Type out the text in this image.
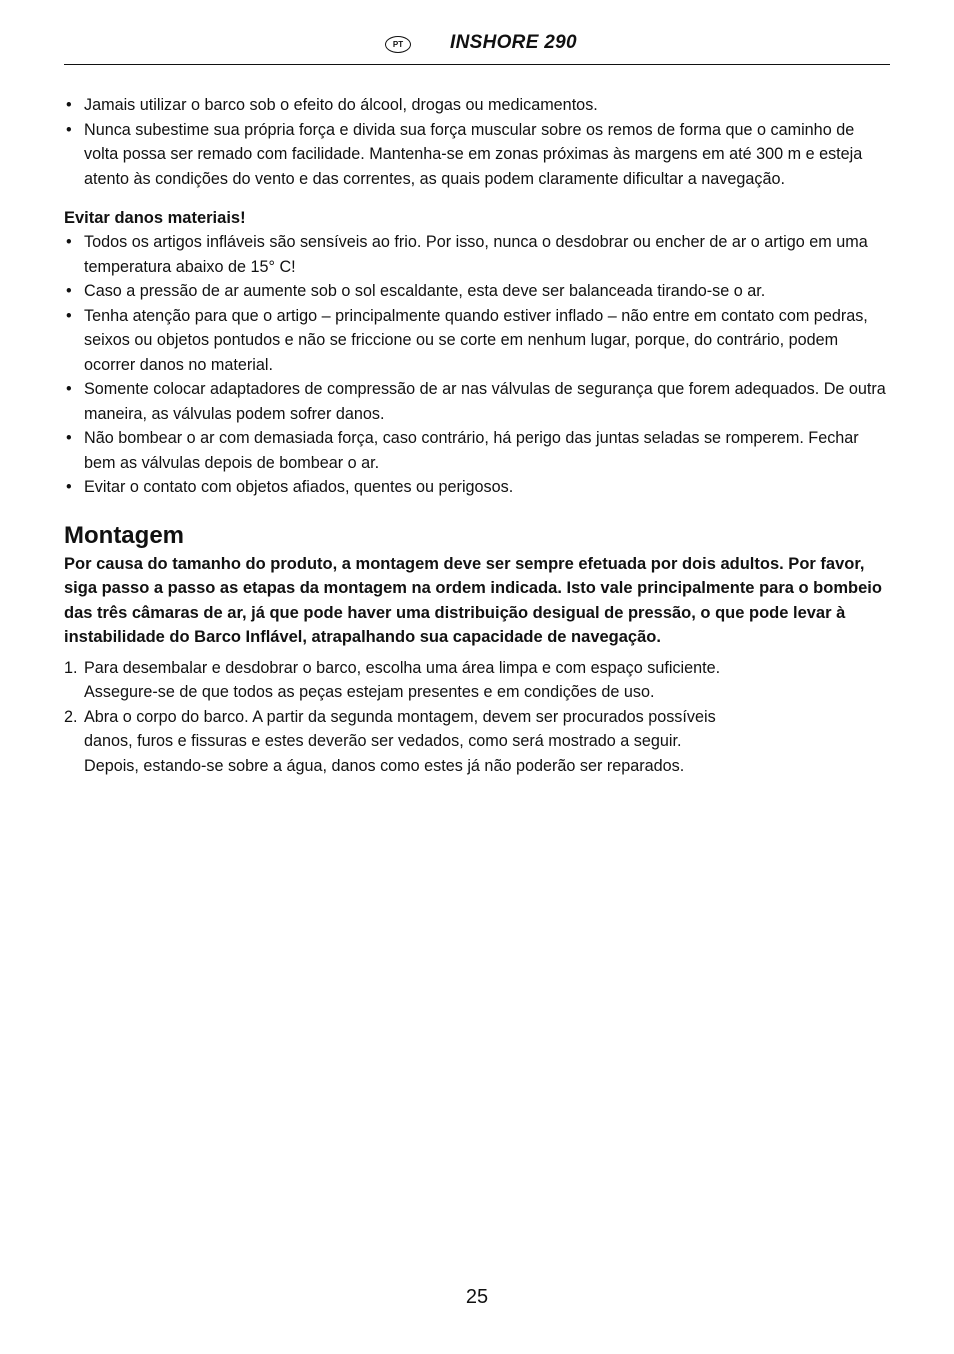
PT	INSHORE 290
• Jamais utilizar o barco sob o efeito do álcool, drogas ou medicamentos.
• Nunca subestime sua própria força e divida sua força muscular sobre os remos de forma que o caminho de volta possa ser remado com facilidade. Mantenha-se em zonas próximas às margens em até 300 m e esteja atento às condições do vento e das correntes, as quais podem claramente dificultar a navegação.
Evitar danos materiais!
• Todos os artigos infláveis são sensíveis ao frio. Por isso, nunca o desdobrar ou encher de ar o artigo em uma temperatura abaixo de 15° C!
• Caso a pressão de ar aumente sob o sol escaldante, esta deve ser balanceada tirando-se o ar.
• Tenha atenção para que o artigo – principalmente quando estiver inflado – não entre em contato com pedras, seixos ou objetos pontudos e não se friccione ou se corte em nenhum lugar, porque, do contrário, podem ocorrer danos no material.
• Somente colocar adaptadores de compressão de ar nas válvulas de segurança que forem adequados. De outra maneira, as válvulas podem sofrer danos.
• Não bombear o ar com demasiada força, caso contrário, há perigo das juntas seladas se romperem. Fechar bem as válvulas depois de bombear o ar.
• Evitar o contato com objetos afiados, quentes ou perigosos.
Montagem
Por causa do tamanho do produto, a montagem deve ser sempre efetuada por dois adultos. Por favor, siga passo a passo as etapas da montagem na ordem indicada. Isto vale principalmente para o bombeio das três câmaras de ar, já que pode haver uma distribuição desigual de pressão, o que pode levar à instabilidade do Barco Inflável, atrapalhando sua capacidade de navegação.
1. Para desembalar e desdobrar o barco, escolha uma área limpa e com espaço suficiente.
Assegure-se de que todos as peças estejam presentes e em condições de uso.
2. Abra o corpo do barco. A partir da segunda montagem, devem ser procurados possíveis
danos, furos e fissuras e estes deverão ser vedados, como será mostrado a seguir.
Depois, estando-se sobre a água, danos como estes já não poderão ser reparados.
25
